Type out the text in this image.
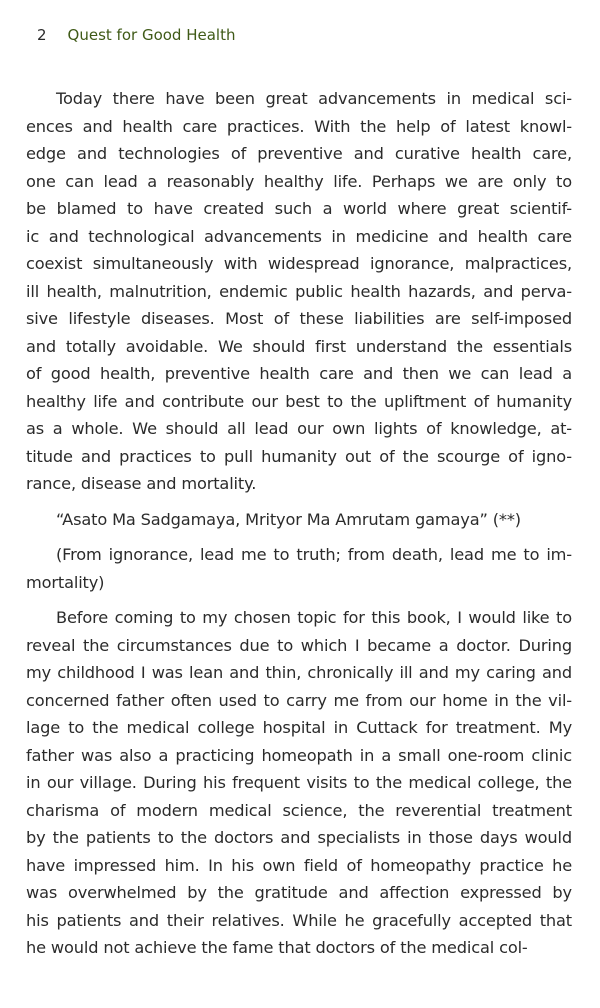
2 Quest for Good Health
Today there have been great advancements in medical sci-
ences and health care practices. With the help of latest knowl-
edge and technologies of preventive and curative health care,
one can lead a reasonably healthy life. Perhaps we are only to
be blamed to have created such a world where great scientif-
ic and technological advancements in medicine and health care
coexist simultaneously with widespread ignorance, malpractices,
ill health, malnutrition, endemic public health hazards, and perva-
sive lifestyle diseases. Most of these liabilities are self-imposed
and totally avoidable. We should first understand the essentials
of good health, preventive health care and then we can lead a
healthy life and contribute our best to the upliftment of humanity
as a whole. We should all lead our own lights of knowledge, at-
titude and practices to pull humanity out of the scourge of igno-
rance, disease and mortality.
“Asato Ma Sadgamaya, Mrityor Ma Amrutam gamaya” (**)
(From ignorance, lead me to truth; from death, lead me to im-
mortality)
Before coming to my chosen topic for this book, I would like to
reveal the circumstances due to which I became a doctor. During
my childhood I was lean and thin, chronically ill and my caring and
concerned father often used to carry me from our home in the vil-
lage to the medical college hospital in Cuttack for treatment. My
father was also a practicing homeopath in a small one-room clinic
in our village. During his frequent visits to the medical college, the
charisma of modern medical science, the reverential treatment
by the patients to the doctors and specialists in those days would
have impressed him. In his own field of homeopathy practice he
was overwhelmed by the gratitude and affection expressed by
his patients and their relatives. While he gracefully accepted that
he would not achieve the fame that doctors of the medical col-
